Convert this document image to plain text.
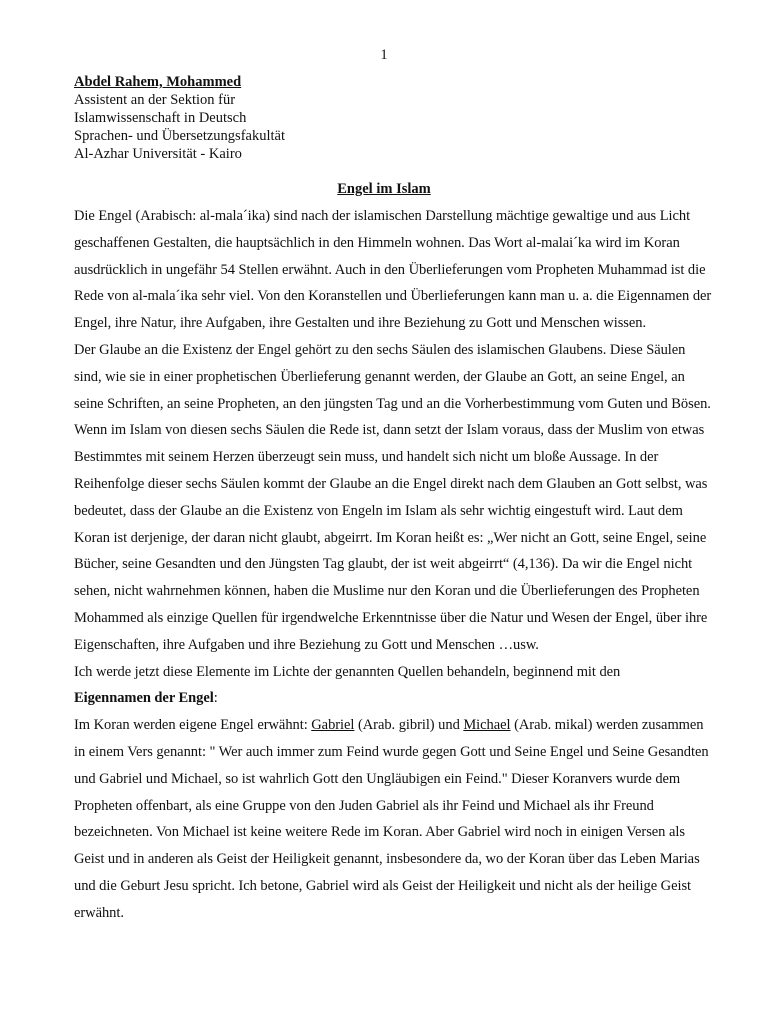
1
Abdel Rahem, Mohammed
Assistent an der Sektion für
Islamwissenschaft in Deutsch
Sprachen- und Übersetzungsfakultät
Al-Azhar Universität - Kairo
Engel im Islam

Die Engel (Arabisch: al-mala´ika) sind nach der islamischen Darstellung mächtige gewaltige und aus Licht geschaffenen Gestalten, die hauptsächlich in den Himmeln wohnen. Das Wort al-malai´ka wird im Koran ausdrücklich in ungefähr 54 Stellen erwähnt. Auch in den Überlieferungen vom Propheten Muhammad ist die Rede von al-mala´ika sehr viel. Von den Koranstellen und Überlieferungen kann man u. a. die Eigennamen der Engel, ihre Natur, ihre Aufgaben, ihre Gestalten und ihre Beziehung zu Gott und Menschen wissen.

Der Glaube an die Existenz der Engel gehört zu den sechs Säulen des islamischen Glaubens. Diese Säulen sind, wie sie in einer prophetischen Überlieferung genannt werden, der Glaube an Gott, an seine Engel, an seine Schriften, an seine Propheten, an den jüngsten Tag und an die Vorherbestimmung vom Guten und Bösen. Wenn im Islam von diesen sechs Säulen die Rede ist, dann setzt der Islam voraus, dass der Muslim von etwas Bestimmtes mit seinem Herzen überzeugt sein muss, und handelt sich nicht um bloße Aussage. In der Reihenfolge dieser sechs Säulen kommt der Glaube an die Engel direkt nach dem Glauben an Gott selbst, was bedeutet, dass der Glaube an die Existenz von Engeln im Islam als sehr wichtig eingestuft wird. Laut dem Koran ist derjenige, der daran nicht glaubt, abgeirrt. Im Koran heißt es: „Wer nicht an Gott, seine Engel, seine Bücher, seine Gesandten und den Jüngsten Tag glaubt, der ist weit abgeirrt“ (4,136). Da wir die Engel nicht sehen, nicht wahrnehmen können, haben die Muslime nur den Koran und die Überlieferungen des Propheten Mohammed als einzige Quellen für irgendwelche Erkenntnisse über die Natur und Wesen der Engel, über ihre Eigenschaften, ihre Aufgaben und ihre Beziehung zu Gott und Menschen …usw.

Ich werde jetzt diese Elemente im Lichte der genannten Quellen behandeln, beginnend mit den
Eigennamen der Engel:

Im Koran werden eigene Engel erwähnt: Gabriel (Arab. gibril) und Michael (Arab. mikal) werden zusammen in einem Vers genannt: " Wer auch immer zum Feind wurde gegen Gott und Seine Engel und Seine Gesandten und Gabriel und Michael, so ist wahrlich Gott den Ungläubigen ein Feind." Dieser Koranvers wurde dem Propheten offenbart, als eine Gruppe von den Juden Gabriel als ihr Feind und Michael als ihr Freund bezeichneten. Von Michael ist keine weitere Rede im Koran. Aber Gabriel wird noch in einigen Versen als Geist und in anderen als Geist der Heiligkeit genannt, insbesondere da, wo der Koran über das Leben Marias und die Geburt Jesu spricht. Ich betone, Gabriel wird als Geist der Heiligkeit und nicht als der heilige Geist erwähnt.
